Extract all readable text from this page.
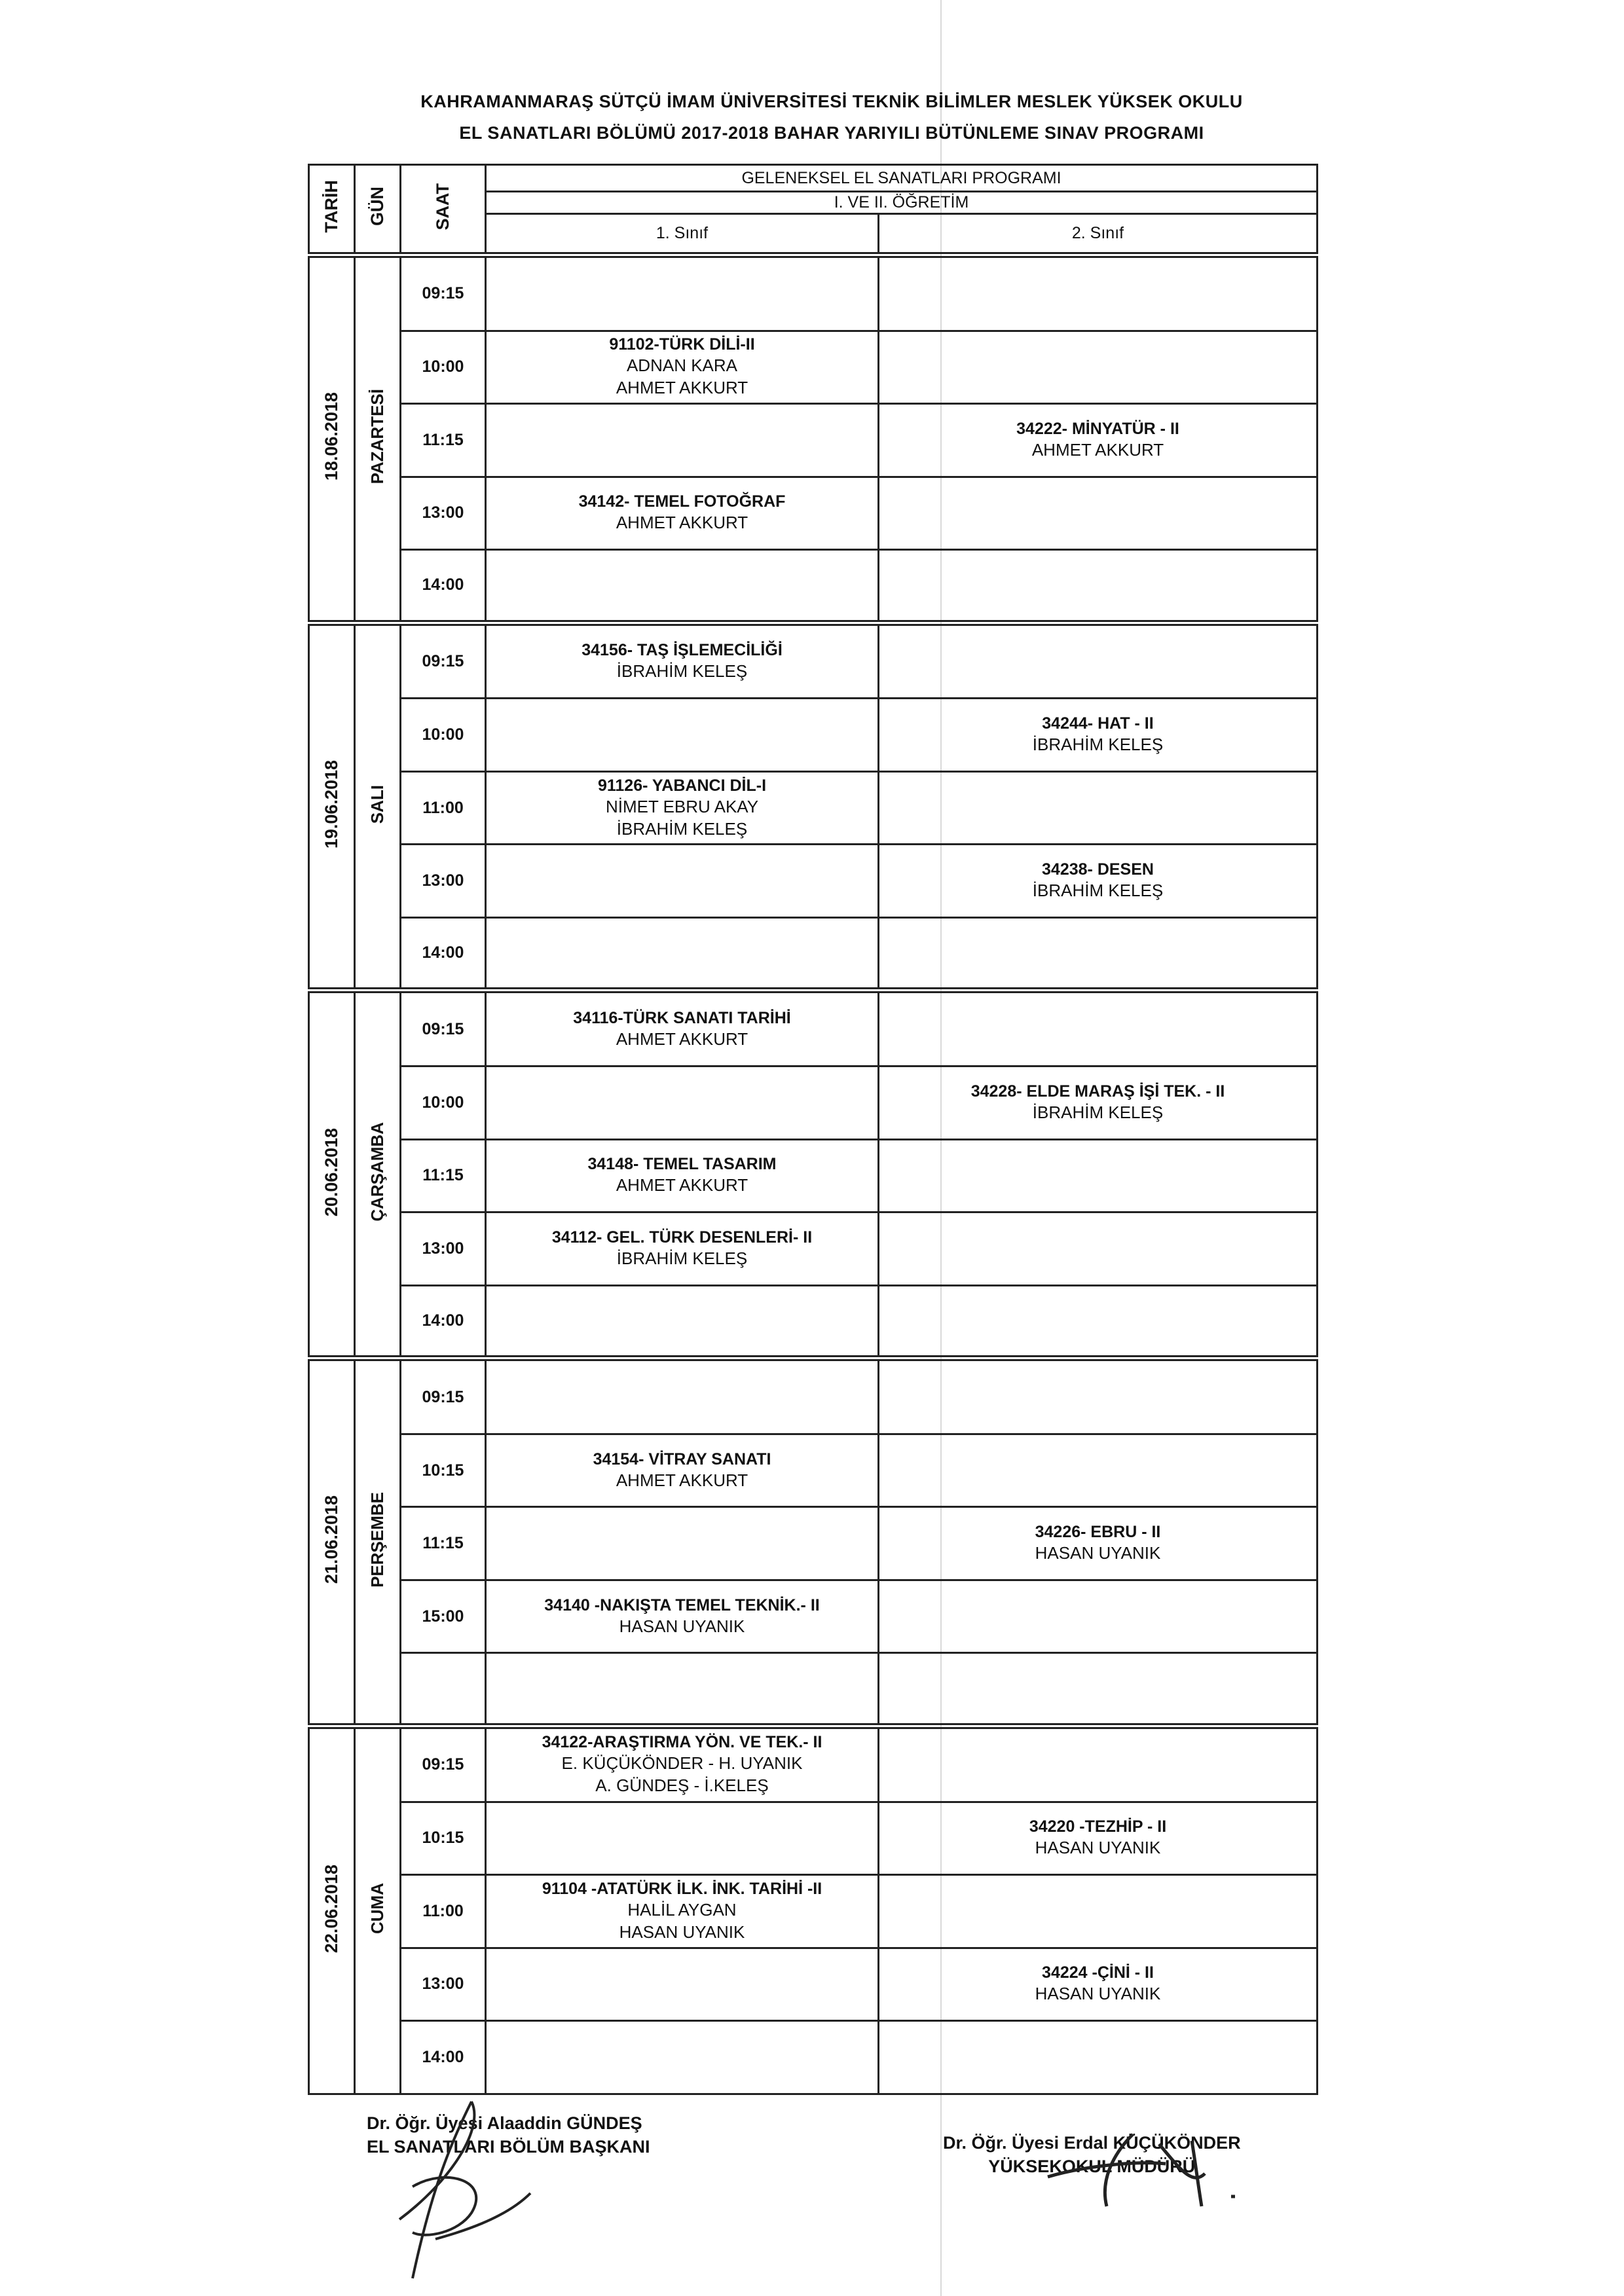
KAHRAMANMARAŞ SÜTÇÜ İMAM ÜNİVERSİTESİ TEKNİK BİLİMLER MESLEK YÜKSEK OKULU
EL SANATLARI BÖLÜMÜ 2017-2018 BAHAR YARIYILI BÜTÜNLEME SINAV PROGRAMI
TARİH	GÜN	SAAT	GELENEKSEL EL SANATLARI PROGRAMI	
			I. VE II. ÖĞRETİM	
			1. Sınıf	2. Sınıf
18.06.2018	PAZARTESİ	09:15		
		10:00	91102-TÜRK DİLİ-II
ADNAN KARA
AHMET AKKURT	

		11:15		34222- MİNYATÜR - II
AHMET AKKURT

		13:00	34142- TEMEL FOTOĞRAF
AHMET AKKURT	

		14:00		
19.06.2018	SALI	09:15	34156- TAŞ İŞLEMECİLİĞİ
İBRAHİM KELEŞ	

		10:00		34244- HAT - II
İBRAHİM KELEŞ

		11:00	91126- YABANCI DİL-I
NİMET EBRU AKAY
İBRAHİM KELEŞ	

		13:00		34238- DESEN
İBRAHİM KELEŞ

		14:00		
20.06.2018	ÇARŞAMBA	09:15	34116-TÜRK SANATI TARİHİ
AHMET AKKURT	

		10:00		34228- ELDE MARAŞ İŞİ TEK. - II
İBRAHİM KELEŞ

		11:15	34148- TEMEL TASARIM
AHMET AKKURT	

		13:00	34112- GEL. TÜRK DESENLERİ- II
İBRAHİM KELEŞ	

		14:00		
21.06.2018	PERŞEMBE	09:15		
		10:15	34154- VİTRAY SANATI
AHMET AKKURT	

		11:15		34226- EBRU - II
HASAN UYANIK

		15:00	34140 -NAKIŞTA TEMEL TEKNİK.- II
HASAN UYANIK	

22.06.2018	CUMA	09:15	34122-ARAŞTIRMA YÖN. VE TEK.- II
E. KÜÇÜKÖNDER - H. UYANIK
A. GÜNDEŞ - İ.KELEŞ	

		10:15		34220 -TEZHİP - II
HASAN UYANIK

		11:00	91104 -ATATÜRK İLK. İNK. TARİHİ -II
HALİL AYGAN
HASAN UYANIK	

		13:00		34224 -ÇİNİ - II
HASAN UYANIK

		14:00		
Dr. Öğr. Üyesi Alaaddin GÜNDEŞ
EL SANATLARI BÖLÜM BAŞKANI	Dr. Öğr. Üyesi Erdal KÜÇÜKÖNDER
YÜKSEKOKUL MÜDÜRÜ
